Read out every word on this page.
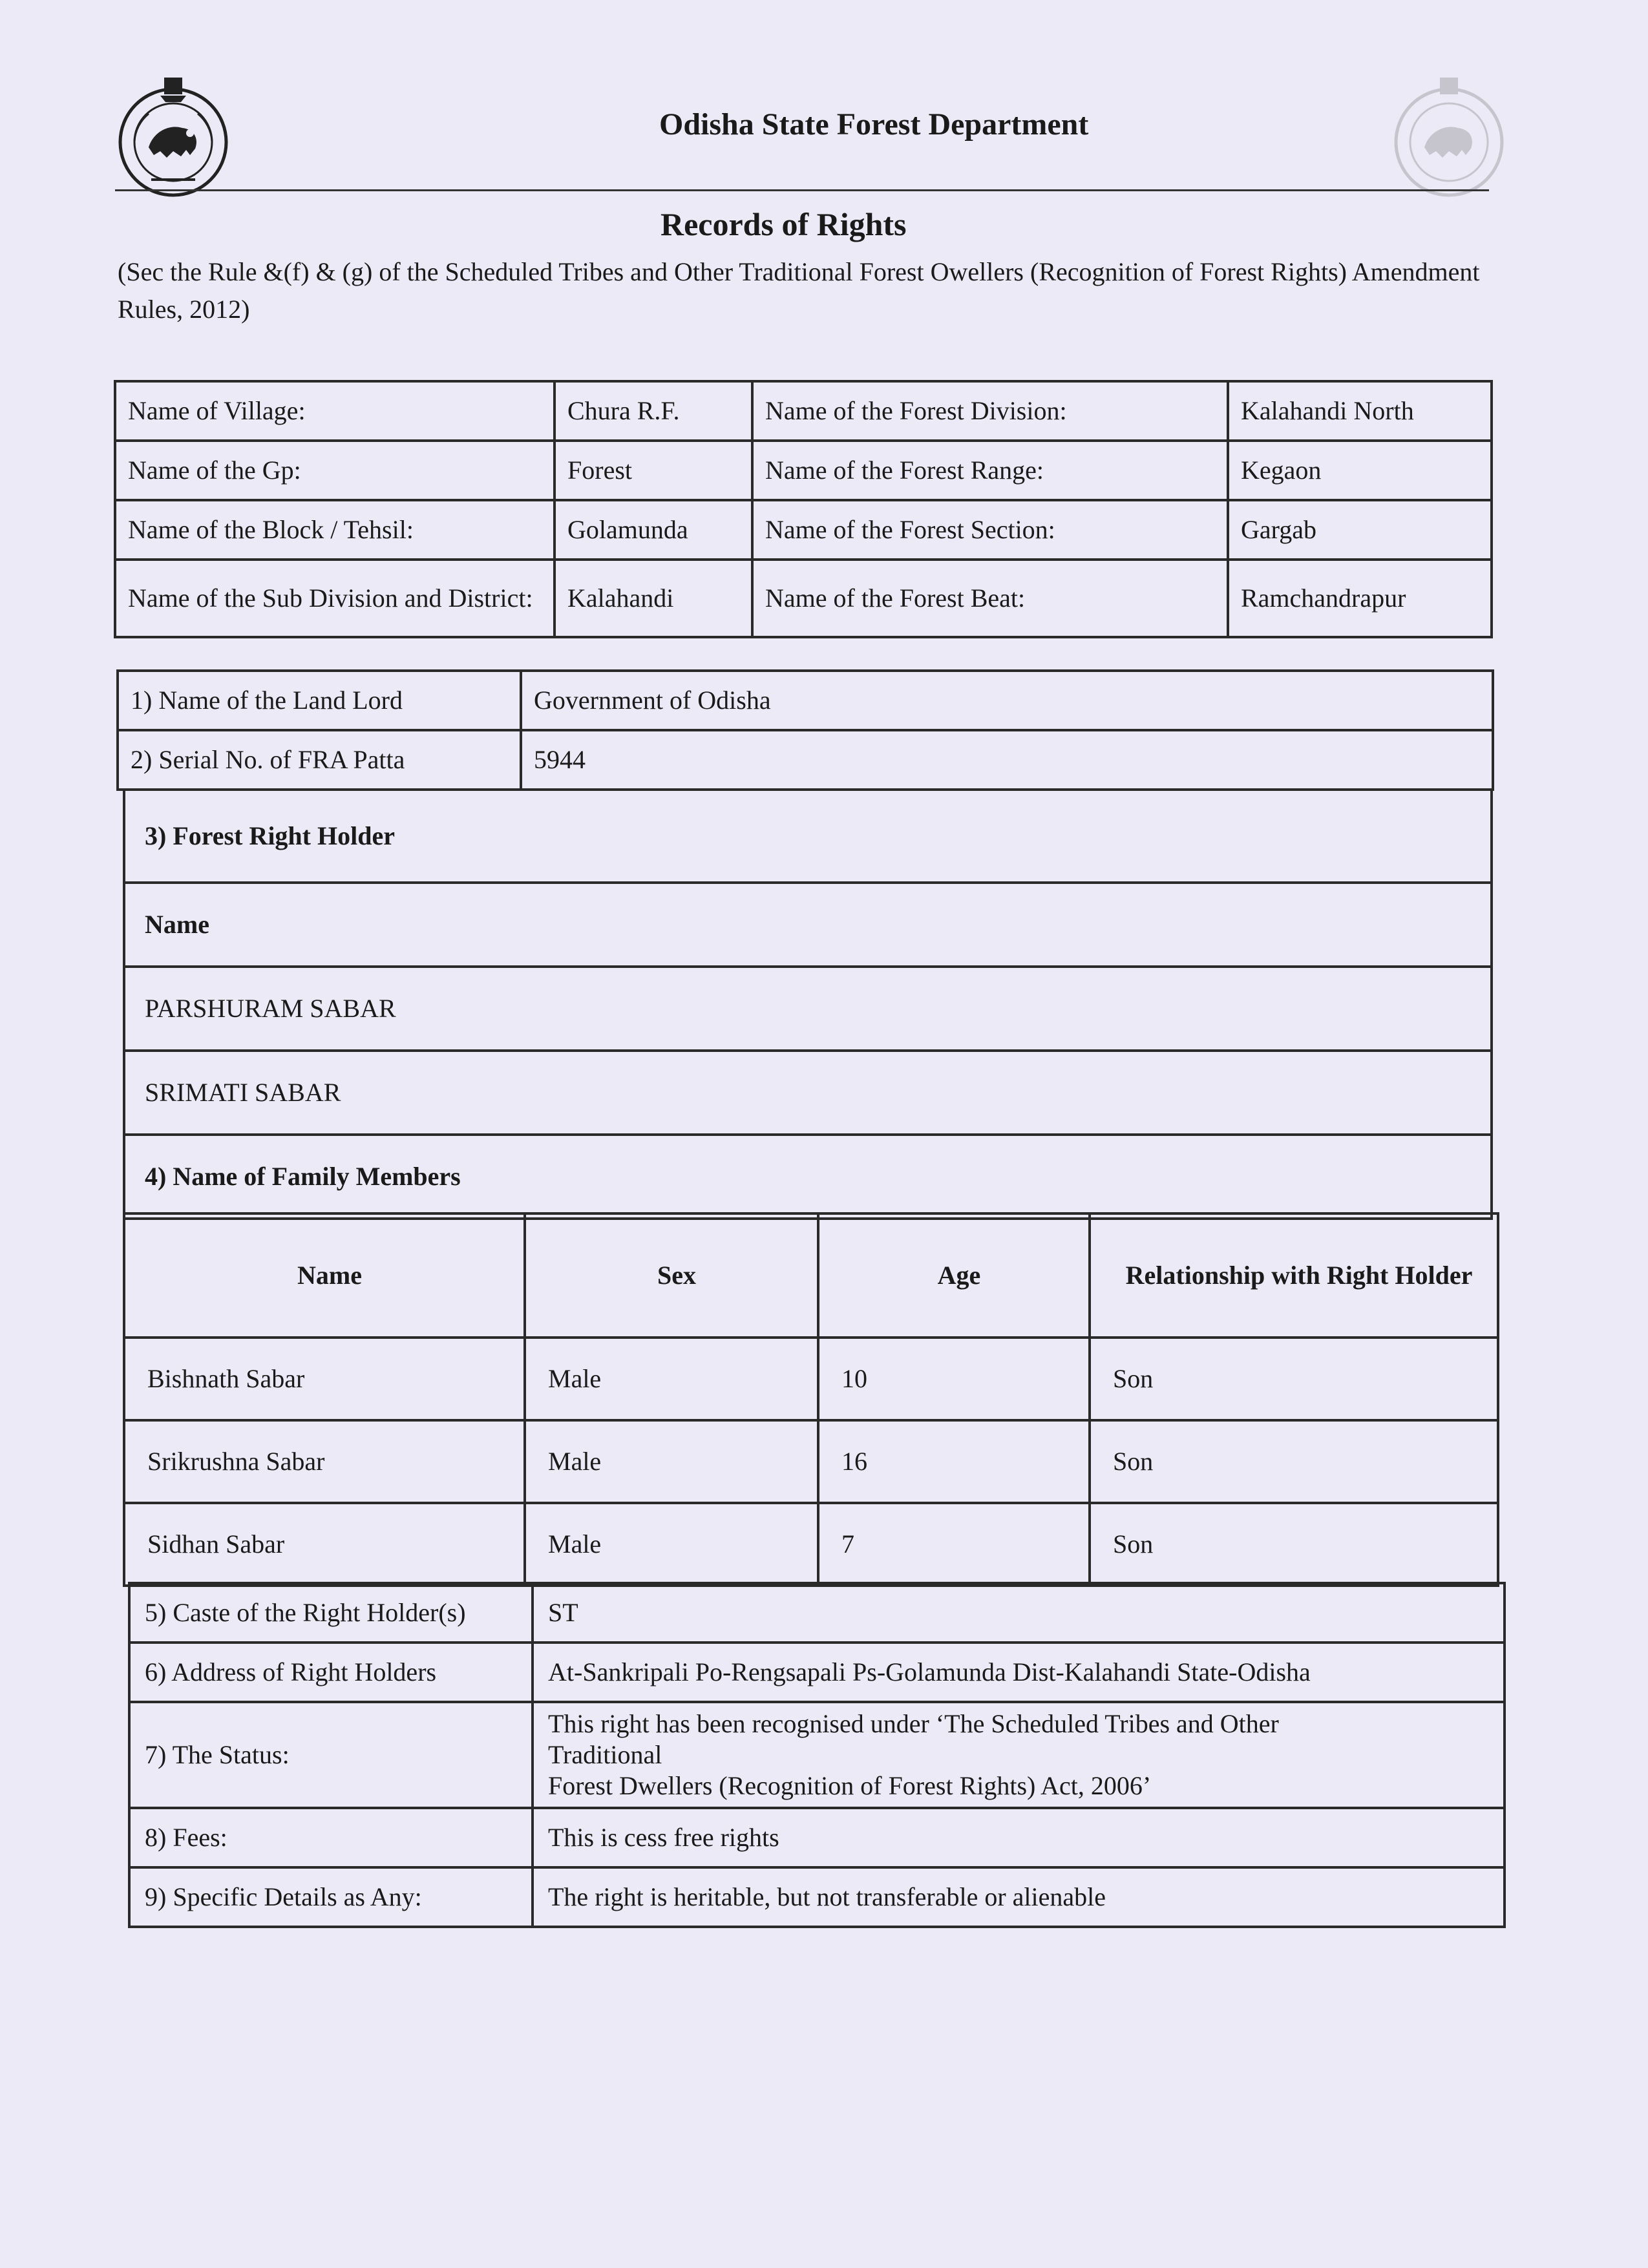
Odisha State Forest Department
Records of Rights
(Sec the Rule &(f) & (g) of the Scheduled Tribes and Other Traditional Forest Owellers (Recognition of Forest Rights) Amendment Rules, 2012)
Name of Village:	Chura R.F.	Name of the Forest Division:	Kalahandi North
Name of the Gp:	Forest	Name of the Forest Range:	Kegaon
Name of the Block / Tehsil:	Golamunda	Name of the Forest Section:	Gargab
Name of the Sub Division and District:	Kalahandi	Name of the Forest Beat:	Ramchandrapur
1) Name of the Land Lord	Government of Odisha
2) Serial No. of FRA Patta	5944
3) Forest Right Holder
Name
PARSHURAM SABAR
SRIMATI SABAR
4) Name of Family Members
Name	Sex	Age	Relationship with Right Holder
Bishnath Sabar	Male	10	Son
Srikrushna Sabar	Male	16	Son
Sidhan Sabar	Male	7	Son
5) Caste of the Right Holder(s)	ST
6) Address of Right Holders	At-Sankripali Po-Rengsapali Ps-Golamunda Dist-Kalahandi State-Odisha
7) The Status:	This right has been recognised under ‘The Scheduled Tribes and Other
Traditional
Forest Dwellers (Recognition of Forest Rights) Act, 2006’

8) Fees:	This is cess free rights
9) Specific Details as Any:	The right is heritable, but not transferable or alienable
